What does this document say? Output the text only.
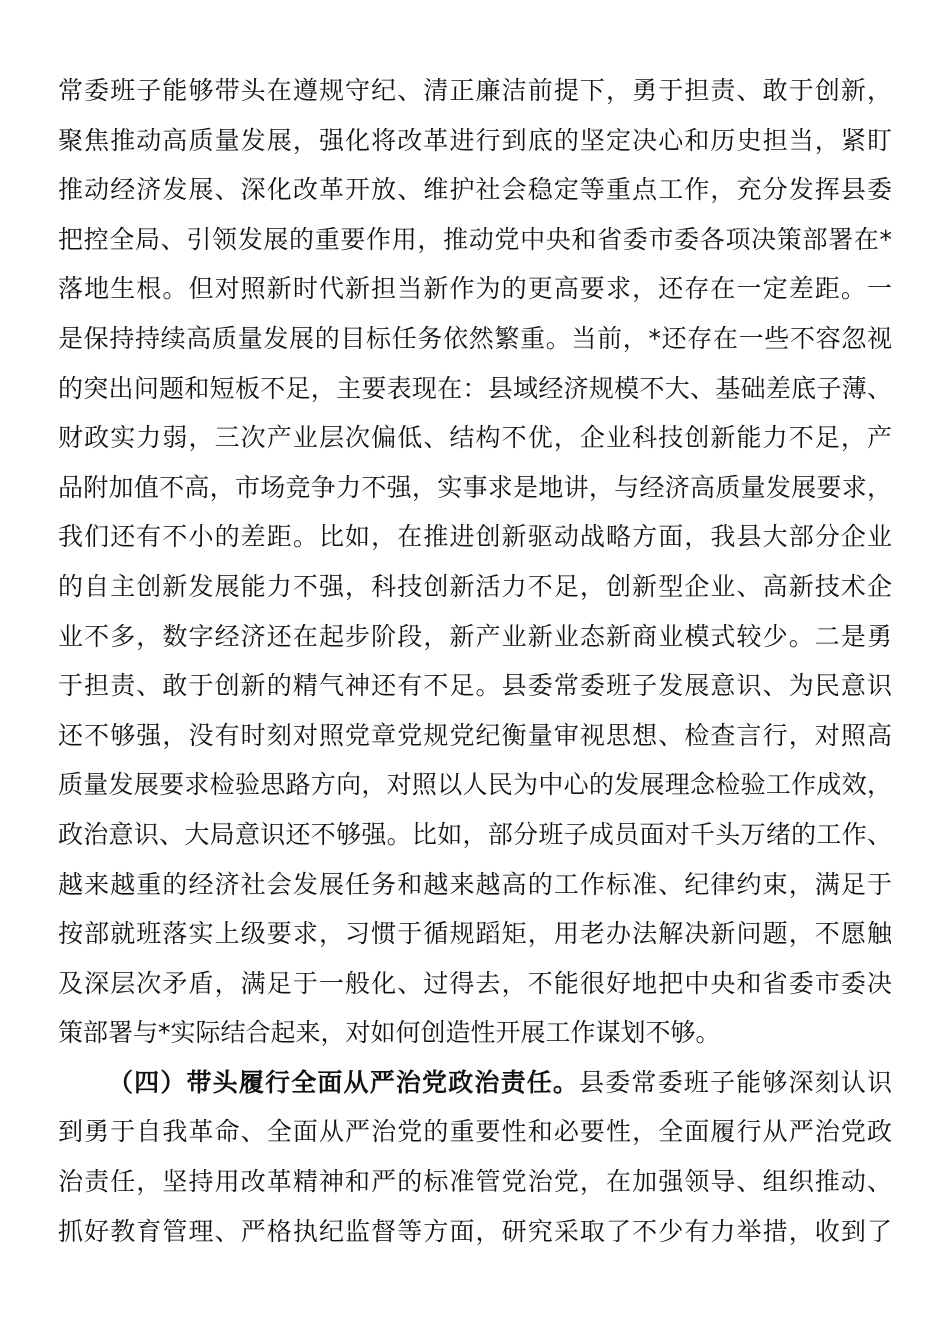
常委班子能够带头在遵规守纪、清正廉洁前提下，勇于担责、敢于创新，
聚焦推动高质量发展，强化将改革进行到底的坚定决心和历史担当，紧盯
推动经济发展、深化改革开放、维护社会稳定等重点工作，充分发挥县委
把控全局、引领发展的重要作用，推动党中央和省委市委各项决策部署在*
落地生根。但对照新时代新担当新作为的更高要求，还存在一定差距。一
是保持持续高质量发展的目标任务依然繁重。当前，*还存在一些不容忽视
的突出问题和短板不足，主要表现在：县域经济规模不大、基础差底子薄、
财政实力弱，三次产业层次偏低、结构不优，企业科技创新能力不足，产
品附加值不高，市场竞争力不强，实事求是地讲，与经济高质量发展要求，
我们还有不小的差距。比如，在推进创新驱动战略方面，我县大部分企业
的自主创新发展能力不强，科技创新活力不足，创新型企业、高新技术企
业不多，数字经济还在起步阶段，新产业新业态新商业模式较少。二是勇
于担责、敢于创新的精气神还有不足。县委常委班子发展意识、为民意识
还不够强，没有时刻对照党章党规党纪衡量审视思想、检查言行，对照高
质量发展要求检验思路方向，对照以人民为中心的发展理念检验工作成效，
政治意识、大局意识还不够强。比如，部分班子成员面对千头万绪的工作、
越来越重的经济社会发展任务和越来越高的工作标准、纪律约束，满足于
按部就班落实上级要求，习惯于循规蹈矩，用老办法解决新问题，不愿触
及深层次矛盾，满足于一般化、过得去，不能很好地把中央和省委市委决
策部署与*实际结合起来，对如何创造性开展工作谋划不够。
（四）带头履行全面从严治党政治责任。县委常委班子能够深刻认识
到勇于自我革命、全面从严治党的重要性和必要性，全面履行从严治党政
治责任，坚持用改革精神和严的标准管党治党，在加强领导、组织推动、
抓好教育管理、严格执纪监督等方面，研究采取了不少有力举措，收到了
